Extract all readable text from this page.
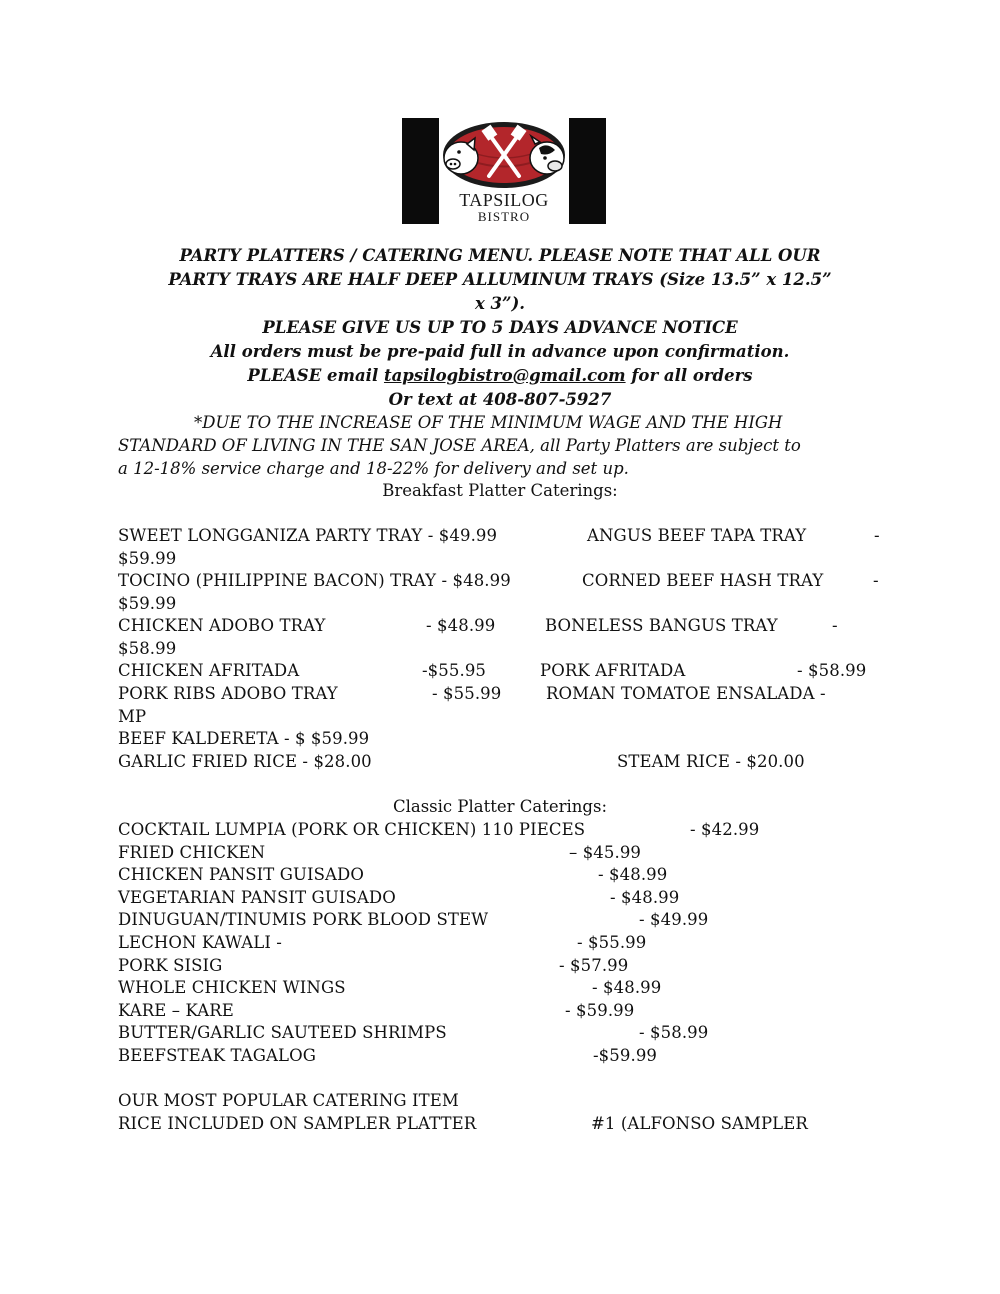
TAPSILOG
BISTRO
PARTY PLATTERS / CATERING MENU. PLEASE NOTE THAT ALL OUR
PARTY TRAYS ARE HALF DEEP ALLUMINUM TRAYS (Size 13.5” x 12.5”
x 3”).
PLEASE GIVE US UP TO 5 DAYS ADVANCE NOTICE
All orders must be pre-paid full in advance upon confirmation.
PLEASE email tapsilogbistro@gmail.com for all orders
Or text at 408-807-5927
*DUE TO THE INCREASE OF THE MINIMUM WAGE AND THE HIGH
STANDARD OF LIVING IN THE SAN JOSE AREA, all Party Platters are subject to
a 12-18% service charge and 18-22% for delivery and set up.
Breakfast Platter Caterings:
SWEET LONGGANIZA PARTY TRAY - $49.99	ANGUS BEEF TAPA TRAY	-
$59.99
TOCINO (PHILIPPINE BACON) TRAY - $48.99	CORNED BEEF HASH TRAY	-
$59.99
CHICKEN ADOBO TRAY	- $48.99	BONELESS BANGUS TRAY	-
$58.99
CHICKEN AFRITADA	-$55.95	PORK AFRITADA	- $58.99
PORK RIBS ADOBO TRAY	- $55.99	ROMAN TOMATOE ENSALADA -
MP
BEEF KALDERETA - $ $59.99
GARLIC FRIED RICE - $28.00	STEAM RICE - $20.00
Classic Platter Caterings:
COCKTAIL LUMPIA (PORK OR CHICKEN) 110 PIECES	- $42.99
FRIED CHICKEN	– $45.99
CHICKEN PANSIT GUISADO	- $48.99
VEGETARIAN PANSIT GUISADO	- $48.99
DINUGUAN/TINUMIS PORK BLOOD STEW	- $49.99
LECHON KAWALI -	- $55.99
PORK SISIG	- $57.99
WHOLE CHICKEN WINGS	- $48.99
KARE – KARE	- $59.99
BUTTER/GARLIC SAUTEED SHRIMPS	- $58.99
BEEFSTEAK TAGALOG	-$59.99
OUR MOST POPULAR CATERING ITEM
RICE INCLUDED ON SAMPLER PLATTER	#1 (ALFONSO SAMPLER
